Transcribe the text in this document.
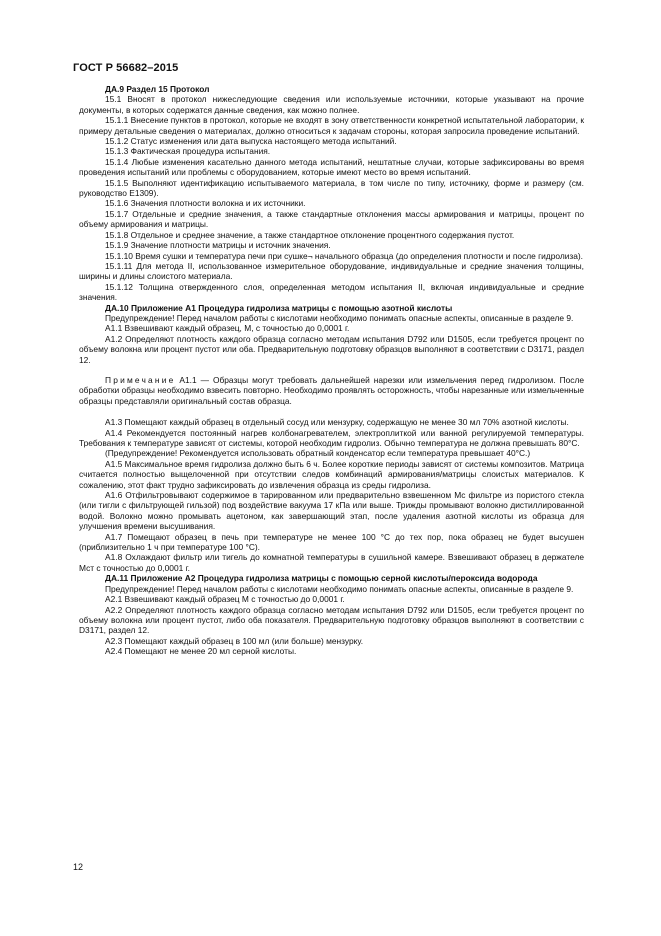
ГОСТ Р 56682–2015

ДА.9 Раздел 15 Протокол

15.1 Вносят в протокол нижеследующие сведения или используемые источники, которые указывают на прочие документы, в которых содержатся данные сведения, как можно полнее.

15.1.1 Внесение пунктов в протокол, которые не входят в зону ответственности конкретной испытательной лаборатории, к примеру детальные сведения о материалах, должно относиться к задачам стороны, которая запросила проведение испытаний.

15.1.2 Статус изменения или дата выпуска настоящего метода испытаний.

15.1.3 Фактическая процедура испытания.

15.1.4 Любые изменения касательно данного метода испытаний, нештатные случаи, которые зафиксированы во время проведения испытаний или проблемы с оборудованием, которые имеют место во время испытаний.

15.1.5 Выполняют идентификацию испытываемого материала, в том числе по типу, источнику, форме и размеру (см. руководство Е1309).

15.1.6 Значения плотности волокна и их источники.

15.1.7 Отдельные и средние значения, а также стандартные отклонения массы армирования и матрицы, процент по объему армирования и матрицы.

15.1.8 Отдельное и среднее значение, а также стандартное отклонение процентного содержания пустот.

15.1.9 Значение плотности матрицы и источник значения.

15.1.10 Время сушки и температура печи при сушке¬ начального образца (до определения плотности и после гидролиза).

15.1.11 Для метода II, использованное измерительное оборудование, индивидуальные и средние значения толщины, ширины и длины слоистого материала.

15.1.12 Толщина отвержденного слоя, определенная методом испытания II, включая индивидуальные и средние значения.

ДА.10 Приложение А1 Процедура гидролиза матрицы с помощью азотной кислоты

Предупреждение! Перед началом работы с кислотами необходимо понимать опасные аспекты, описанные в разделе 9.

А1.1 Взвешивают каждый образец, М, с точностью до 0,0001 г.

А1.2 Определяют плотность каждого образца согласно методам испытания D792 или D1505, если требуется процент по объему волокна или процент пустот или оба. Предварительную подготовку образцов выполняют в соответствии с D3171, раздел 12.

Примечание А1.1 — Образцы могут требовать дальнейшей нарезки или измельчения перед гидролизом. После обработки образцы необходимо взвесить повторно. Необходимо проявлять осторожность, чтобы нарезанные или измельченные образцы представляли оригинальный состав образца.

А1.3 Помещают каждый образец в отдельный сосуд или мензурку, содержащую не менее 30 мл 70% азотной кислоты.

А1.4 Рекомендуется постоянный нагрев колбонагревателем, электроплиткой или ванной регулируемой температуры. Требования к температуре зависят от системы, которой необходим гидролиз. Обычно температура не должна превышать 80°С.

(Предупреждение! Рекомендуется использовать обратный конденсатор если температура превышает 40°С.)

А1.5 Максимальное время гидролиза должно быть 6 ч. Более короткие периоды зависят от системы композитов. Матрица считается полностью выщелоченной при отсутствии следов комбинаций армирования/матрицы слоистых материалов. К сожалению, этот факт трудно зафиксировать до извлечения образца из среды гидролиза.

А1.6 Отфильтровывают содержимое в тарированном или предварительно взвешенном Мс фильтре из пористого стекла (или тигли с фильтрующей гильзой) под воздействие вакуума 17 кПа или выше. Трижды промывают волокно дистиллированной водой. Волокно можно промывать ацетоном, как завершающий этап, после удаления азотной кислоты из образца для улучшения времени высушивания.

А1.7 Помещают образец в печь при температуре не менее 100 °С до тех пор, пока образец не будет высушен (приблизительно 1 ч при температуре 100 °С).

А1.8 Охлаждают фильтр или тигель до комнатной температуры в сушильной камере. Взвешивают образец в держателе Мст с точностью до 0,0001 г.

ДА.11 Приложение А2 Процедура гидролиза матрицы с помощью серной кислоты/пероксида водорода

Предупреждение! Перед началом работы с кислотами необходимо понимать опасные аспекты, описанные в разделе 9.

А2.1 Взвешивают каждый образец М с точностью до 0,0001 г.

А2.2 Определяют плотность каждого образца согласно методам испытания D792 или D1505, если требуется процент по объему волокна или процент пустот, либо оба показателя. Предварительную подготовку образцов выполняют в соответствии с D3171, раздел 12.

А2.3 Помещают каждый образец в 100 мл (или больше) мензурку.

А2.4 Помещают не менее 20 мл серной кислоты.

12
